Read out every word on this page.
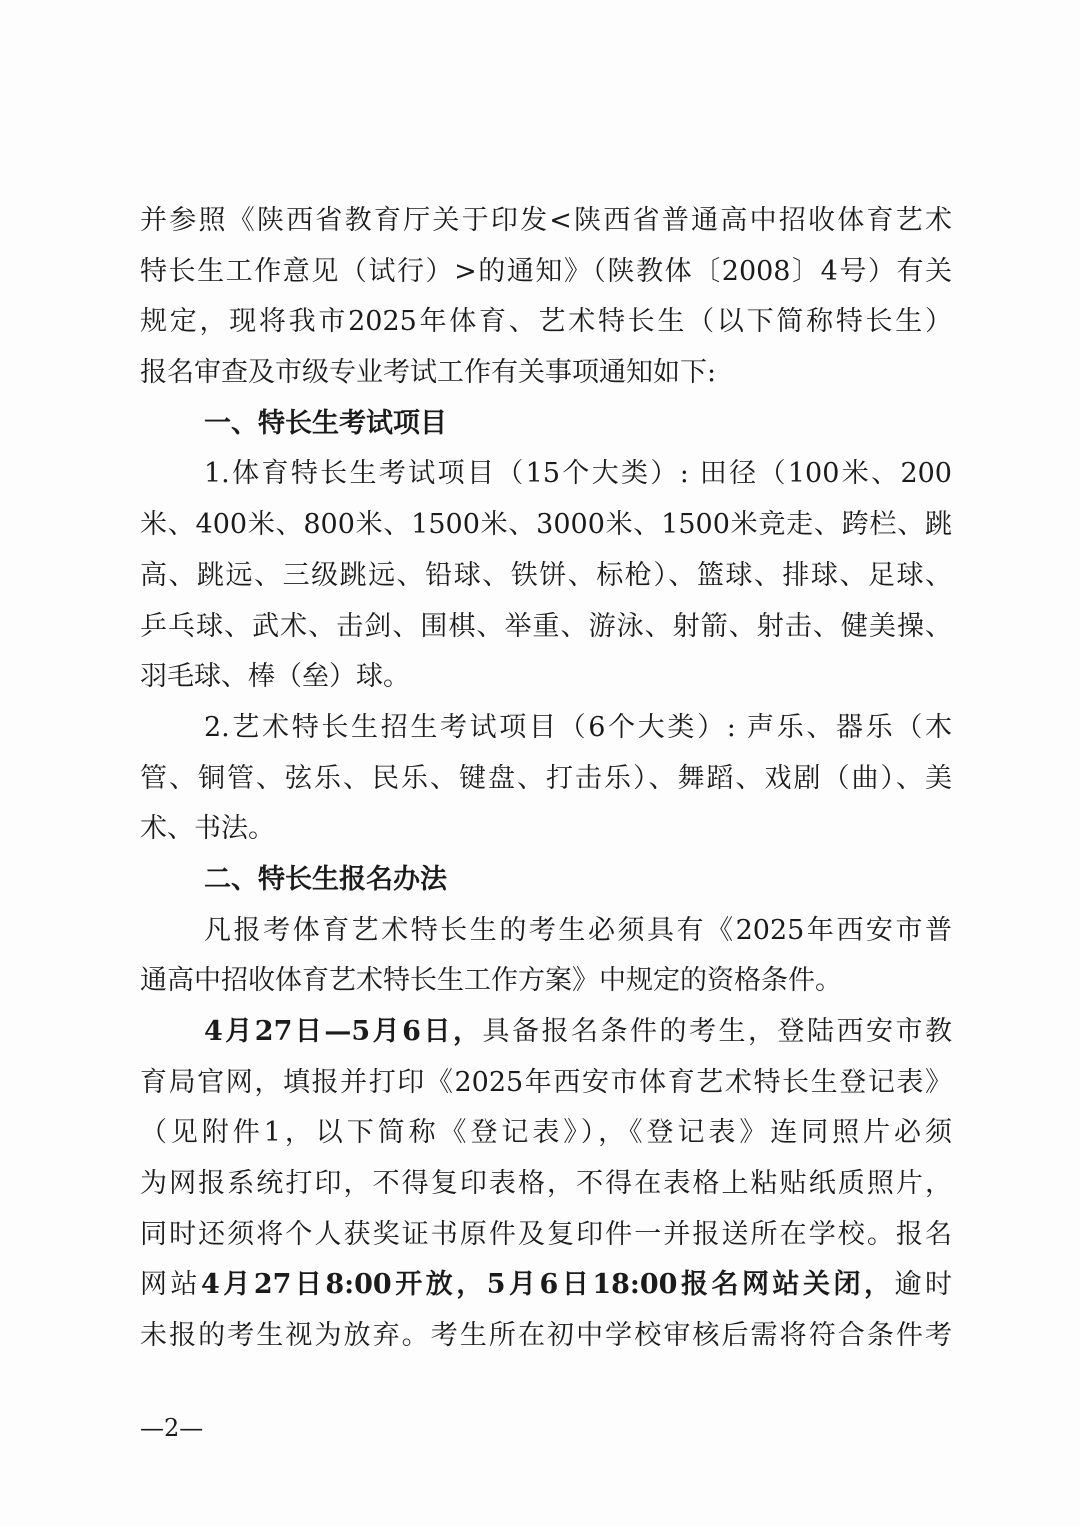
并参照《陕西省教育厅关于印发<陕西省普通高中招收体育艺术
特长生工作意见（试行）>的通知》（陕教体〔2008〕4号）有关
规定，现将我市2025年体育、艺术特长生（以下简称特长生）
报名审查及市级专业考试工作有关事项通知如下:
一、特长生考试项目
1.体育特长生考试项目（15个大类）: 田径（100米、200
米、400米、800米、1500米、3000米、1500米竞走、跨栏、跳
高、跳远、三级跳远、铅球、铁饼、标枪）、篮球、排球、足球、
乒乓球、武术、击剑、围棋、举重、游泳、射箭、射击、健美操、
羽毛球、棒（垒）球。
2.艺术特长生招生考试项目（6个大类）: 声乐、器乐（木
管、铜管、弦乐、民乐、键盘、打击乐）、舞蹈、戏剧（曲）、美
术、书法。
二、特长生报名办法
凡报考体育艺术特长生的考生必须具有《2025年西安市普
通高中招收体育艺术特长生工作方案》中规定的资格条件。
4月27日—5月6日，具备报名条件的考生，登陆西安市教
育局官网，填报并打印《2025年西安市体育艺术特长生登记表》
（见附件1，以下简称《登记表》），《登记表》连同照片必须
为网报系统打印，不得复印表格，不得在表格上粘贴纸质照片，
同时还须将个人获奖证书原件及复印件一并报送所在学校。报名
网站4月27日8:00开放，5月6日18:00报名网站关闭，逾时
未报的考生视为放弃。考生所在初中学校审核后需将符合条件考
—2—
